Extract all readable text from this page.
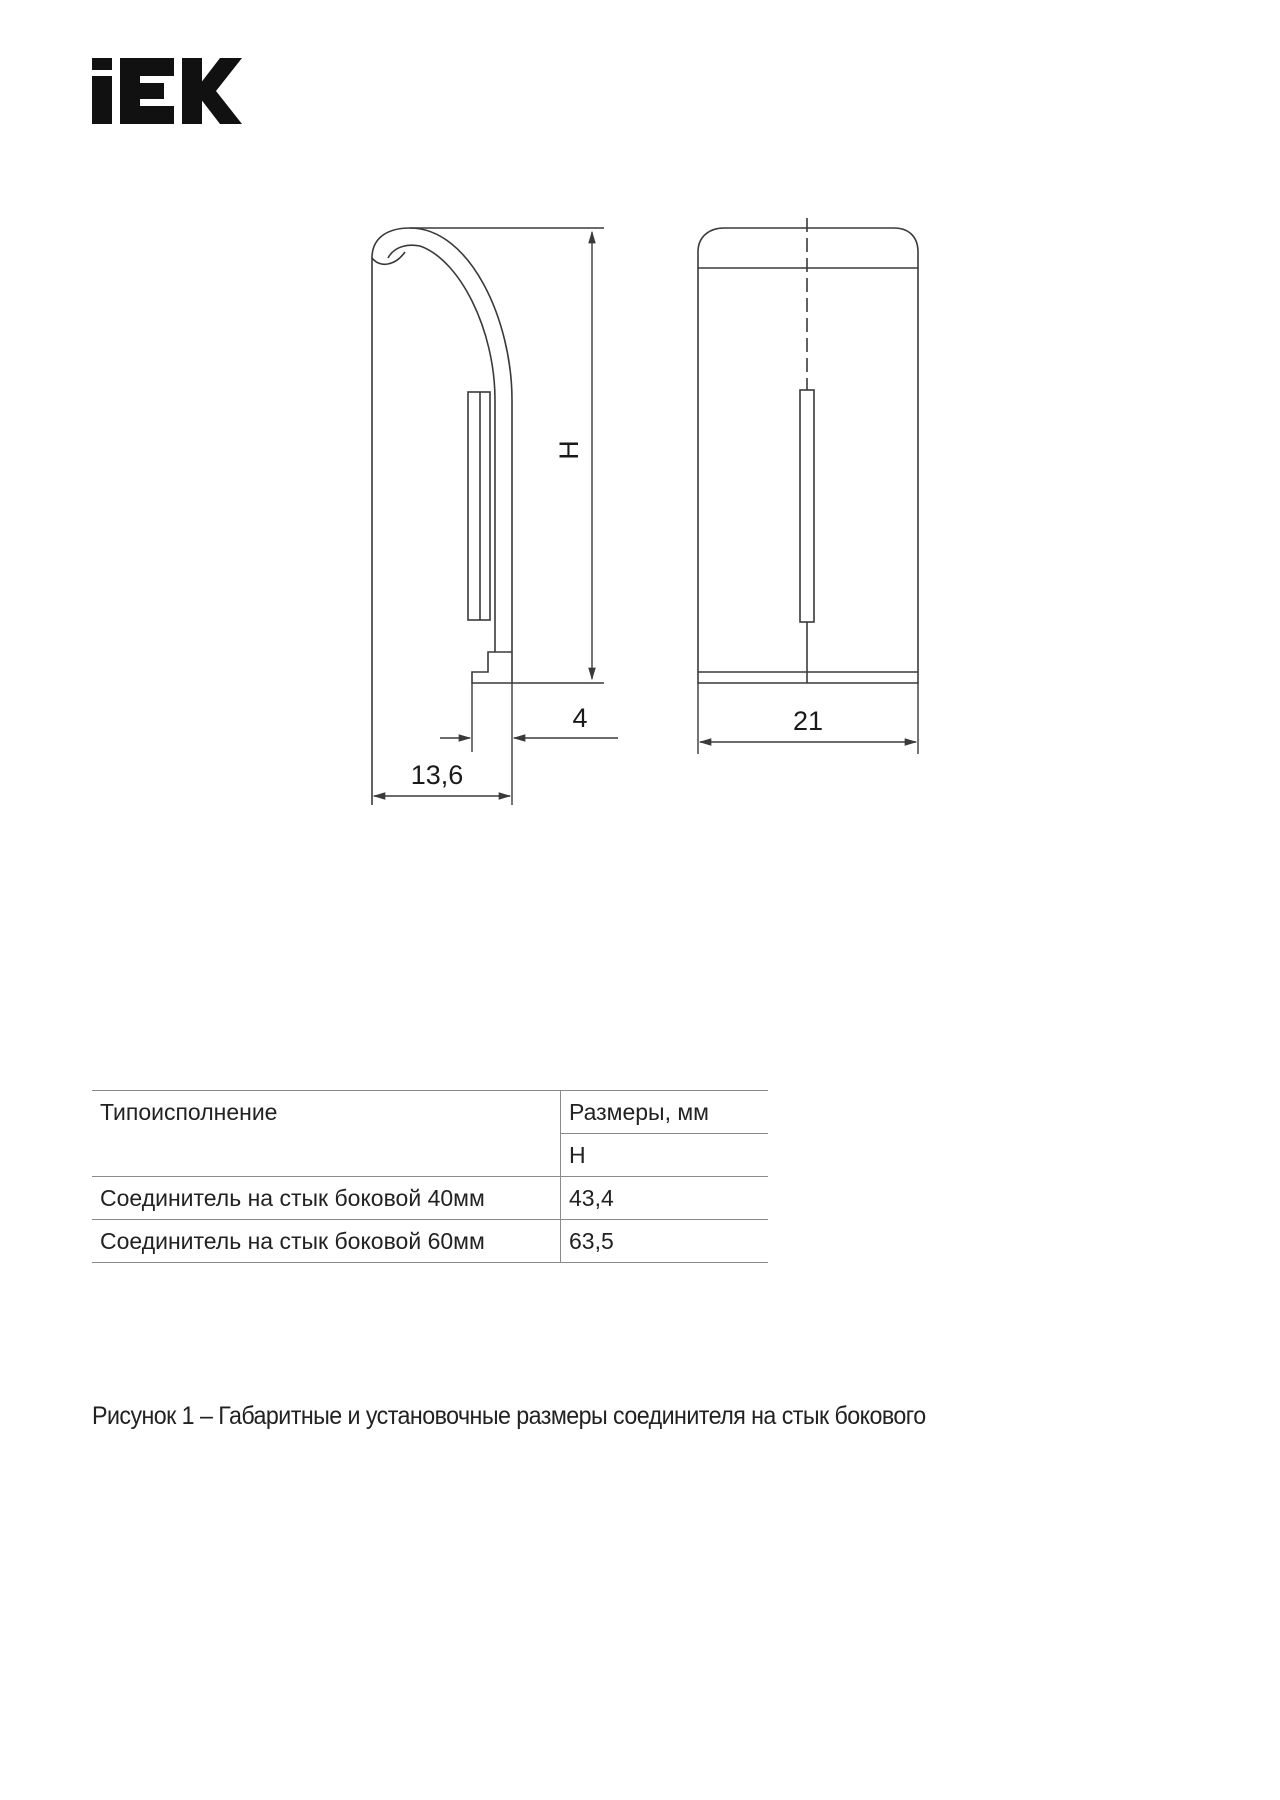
H
4
13,6
21
Типоисполнение	Размеры, мм
	H
Соединитель на стык боковой 40мм	43,4
Соединитель на стык боковой 60мм	63,5
Рисунок 1 – Габаритные и установочные размеры соединителя на стык бокового
